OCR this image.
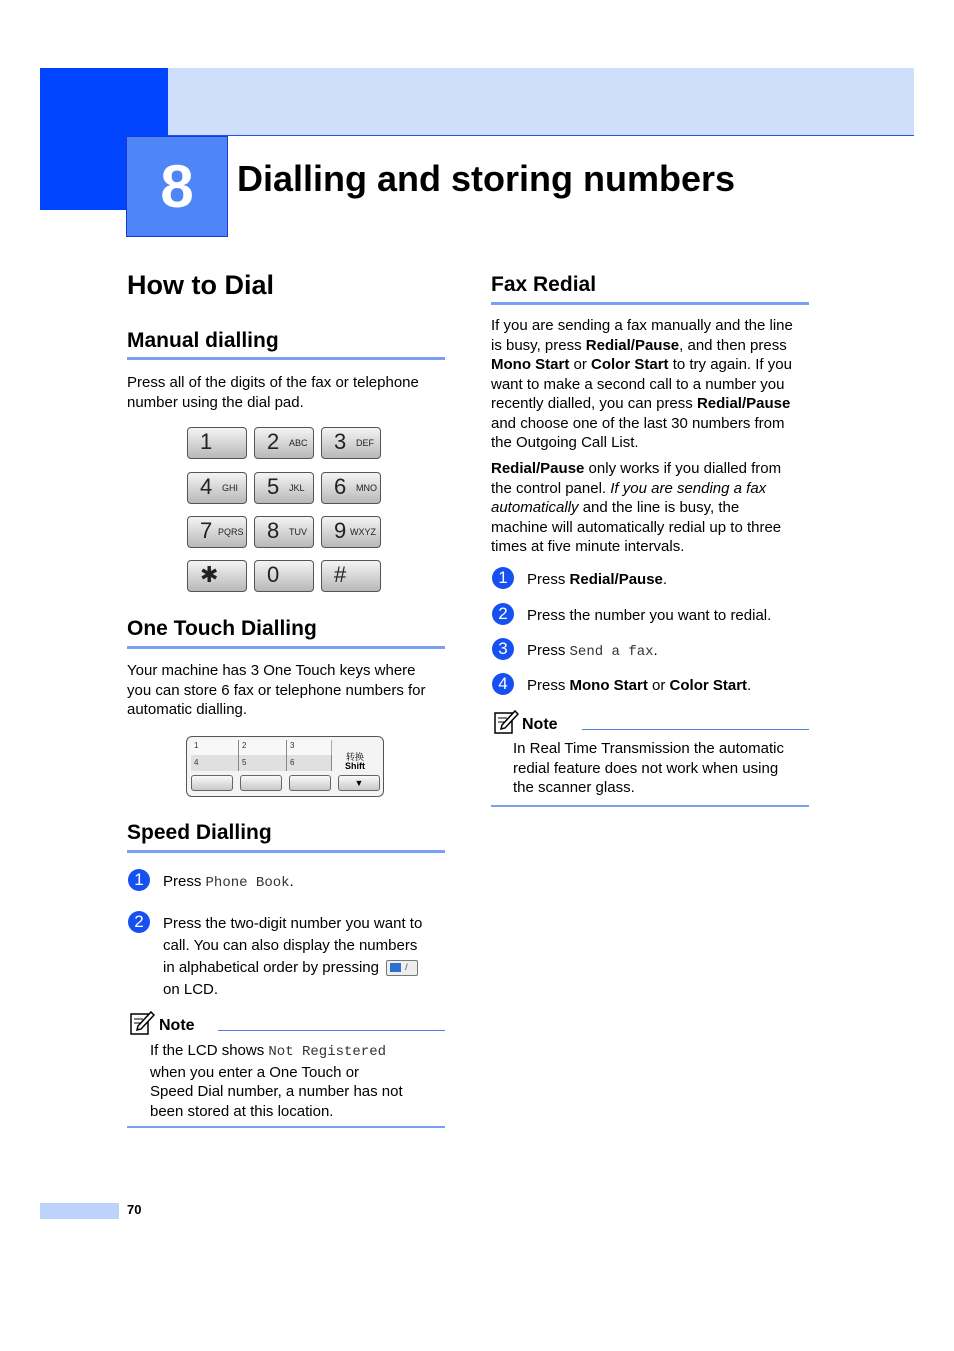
8	Dialling and storing numbers
How to Dial
Manual dialling
Press all of the digits of the fax or telephone
number using the dial pad.
1 2 ABC 3 DEF
4 GHI 5 JKL 6 MNO
7 PQRS 8 TUV 9 WXYZ
✱ 0 #
One Touch Dialling
Your machine has 3 One Touch keys where
you can store 6 fax or telephone numbers for
automatic dialling.
1	2	3
4	5	6
转换
Shift
▼
Speed Dialling
1	Press Phone Book.
2	Press the two-digit number you want to
call. You can also display the numbers
in alphabetical order by pressing	/
on LCD.
Note
If the LCD shows Not Registered
when you enter a One Touch or
Speed Dial number, a number has not
been stored at this location.
Fax Redial
If you are sending a fax manually and the line
is busy, press Redial/Pause, and then press
Mono Start or Color Start to try again. If you
want to make a second call to a number you
recently dialled, you can press Redial/Pause
and choose one of the last 30 numbers from
the Outgoing Call List.
Redial/Pause only works if you dialled from
the control panel. If you are sending a fax
automatically and the line is busy, the
machine will automatically redial up to three
times at five minute intervals.
1	Press Redial/Pause.
2	Press the number you want to redial.
3	Press Send a fax.
4	Press Mono Start or Color Start.
Note
In Real Time Transmission the automatic
redial feature does not work when using
the scanner glass.
70
